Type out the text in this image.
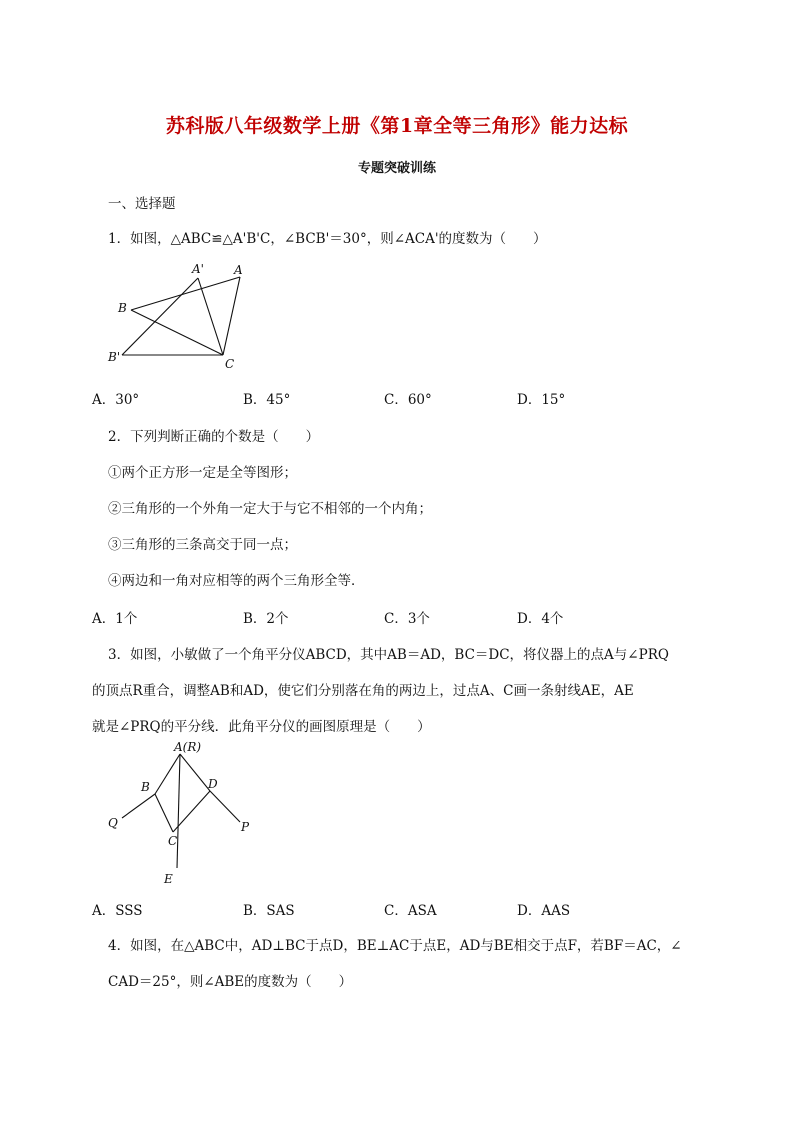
苏科版八年级数学上册《第1章全等三角形》能力达标
专题突破训练
一、选择题
1．如图，△ABC≌△A'B'C，∠BCB'＝30°，则∠ACA'的度数为（　　）
A'	A
B
B'	C
A．30°	B．45°	C．60°	D．15°
2．下列判断正确的个数是（　　）
①两个正方形一定是全等图形；
②三角形的一个外角一定大于与它不相邻的一个内角；
③三角形的三条高交于同一点；
④两边和一角对应相等的两个三角形全等．
A．1个	B．2个	C．3个	D．4个
3．如图，小敏做了一个角平分仪ABCD，其中AB＝AD，BC＝DC，将仪器上的点A与∠PRQ
的顶点R重合，调整AB和AD，使它们分别落在角的两边上，过点A、C画一条射线AE，AE
就是∠PRQ的平分线．此角平分仪的画图原理是（　　）
A(R)
B	D
Q	P
C
E
A．SSS	B．SAS	C．ASA	D．AAS
4．如图，在△ABC中，AD⊥BC于点D，BE⊥AC于点E，AD与BE相交于点F，若BF＝AC，∠
CAD＝25°，则∠ABE的度数为（　　）
